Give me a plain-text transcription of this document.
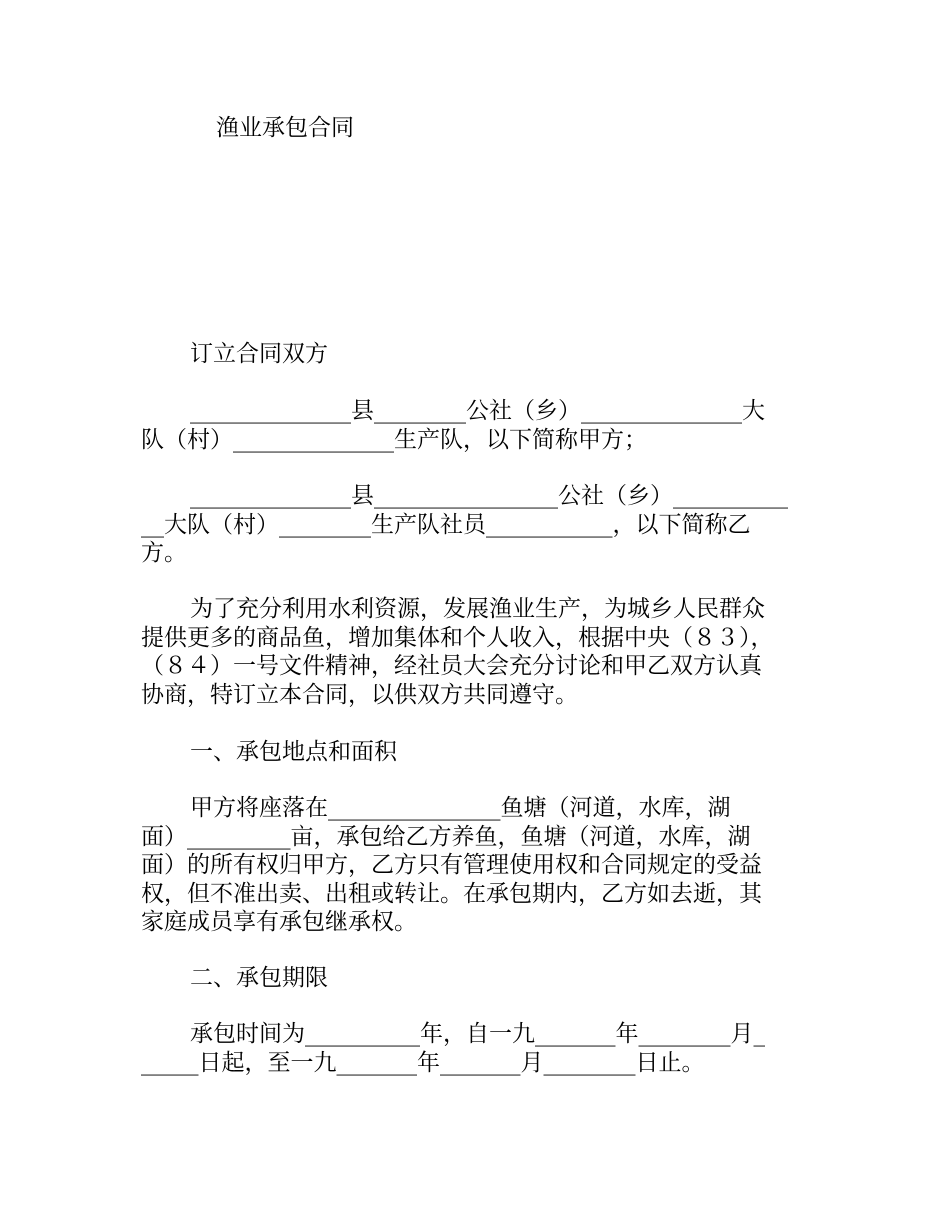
渔业承包合同
订立合同双方
______________县________公社（乡）______________大
队（村）______________生产队，以下简称甲方；
______________县________________公社（乡）__________
__大队（村）________生产队社员___________，以下简称乙
方。
为了充分利用水利资源，发展渔业生产，为城乡人民群众
提供更多的商品鱼，增加集体和个人收入，根据中央（８３），
（８４）一号文件精神，经社员大会充分讨论和甲乙双方认真
协商，特订立本合同，以供双方共同遵守。
一、承包地点和面积
甲方将座落在_______________鱼塘（河道，水库，湖
面）_________亩，承包给乙方养鱼，鱼塘（河道，水库，湖
面）的所有权归甲方，乙方只有管理使用权和合同规定的受益
权，但不准出卖、出租或转让。在承包期内，乙方如去逝，其
家庭成员享有承包继承权。
二、承包期限
承包时间为__________年，自一九_______年________月_
_____日起，至一九_______年_______月________日止。
